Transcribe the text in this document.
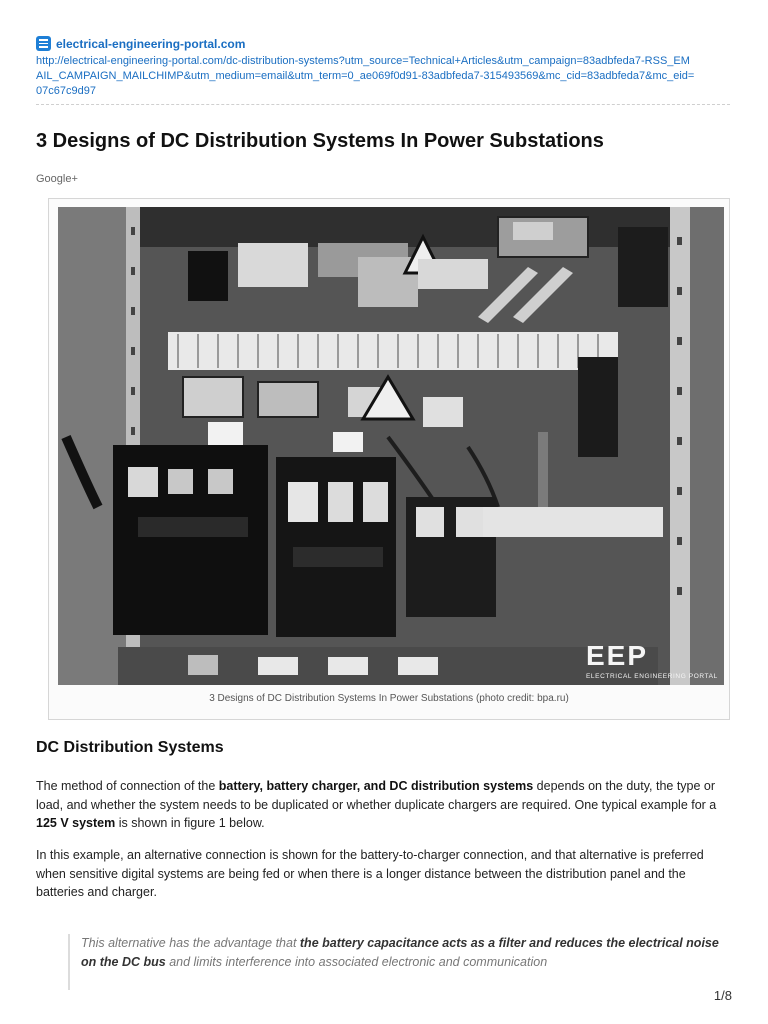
electrical-engineering-portal.com
http://electrical-engineering-portal.com/dc-distribution-systems?utm_source=Technical+Articles&utm_campaign=83adbfeda7-RSS_EMAIL_CAMPAIGN_MAILCHIMP&utm_medium=email&utm_term=0_ae069f0d91-83adbfeda7-315493569&mc_cid=83adbfeda7&mc_eid=07c67c9d97
3 Designs of DC Distribution Systems In Power Substations
Google+
EEP
ELECTRICAL ENGINEERING PORTAL
3 Designs of DC Distribution Systems In Power Substations (photo credit: bpa.ru)
DC Distribution Systems

The method of connection of the battery, battery charger, and DC distribution systems depends on the duty, the type or load, and whether the system needs to be duplicated or whether duplicate chargers are required. One typical example for a 125 V system is shown in figure 1 below.

In this example, an alternative connection is shown for the battery-to-charger connection, and that alternative is preferred when sensitive digital systems are being fed or when there is a longer distance between the distribution panel and the batteries and charger.

This alternative has the advantage that the battery capacitance acts as a filter and reduces the electrical noise on the DC bus and limits interference into associated electronic and communication
1/8
